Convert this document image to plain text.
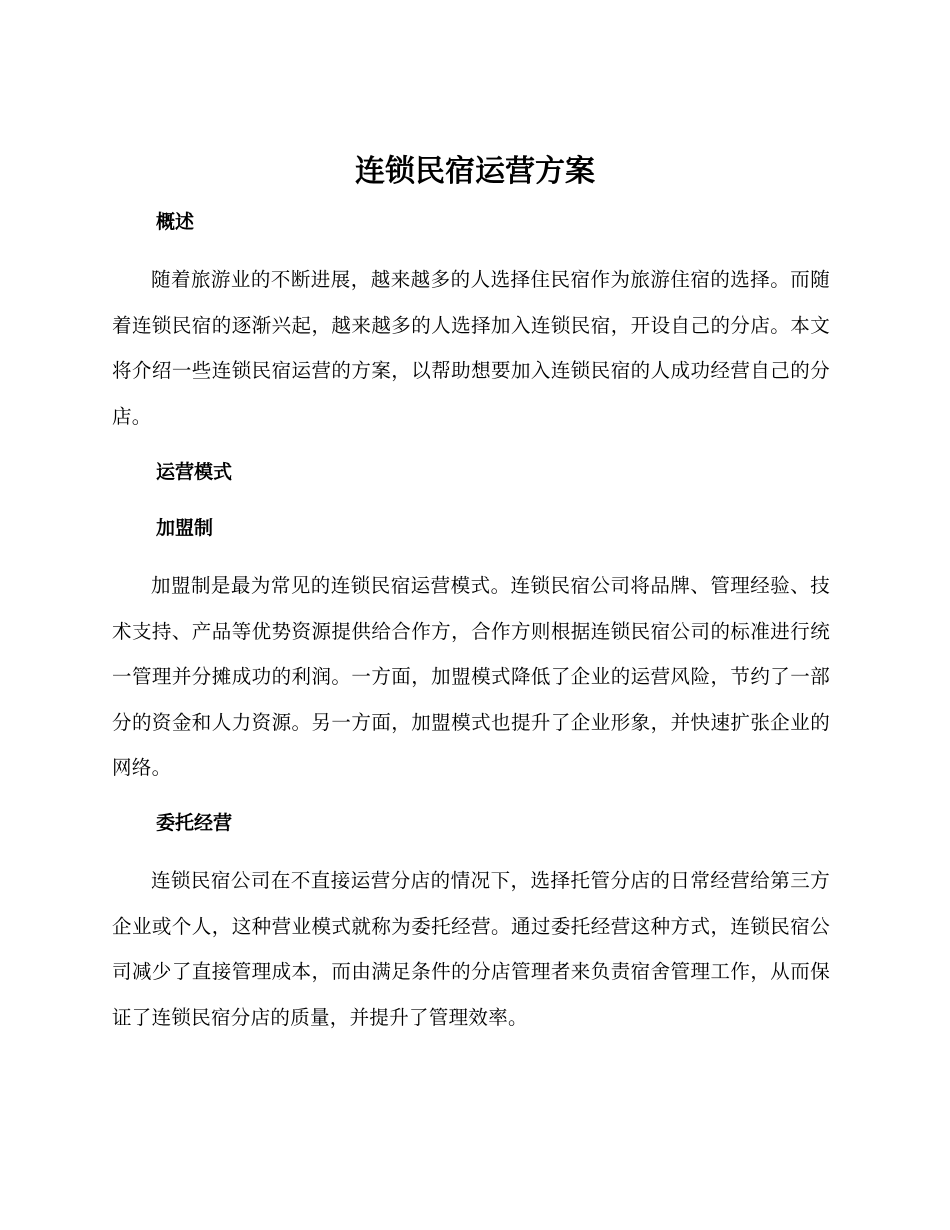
连锁民宿运营方案
概述

随着旅游业的不断进展，越来越多的人选择住民宿作为旅游住宿的选择。而随着连锁民宿的逐渐兴起，越来越多的人选择加入连锁民宿，开设自己的分店。本文将介绍一些连锁民宿运营的方案，以帮助想要加入连锁民宿的人成功经营自己的分店。

运营模式
加盟制

加盟制是最为常见的连锁民宿运营模式。连锁民宿公司将品牌、管理经验、技术支持、产品等优势资源提供给合作方，合作方则根据连锁民宿公司的标准进行统一管理并分摊成功的利润。一方面，加盟模式降低了企业的运营风险，节约了一部分的资金和人力资源。另一方面，加盟模式也提升了企业形象，并快速扩张企业的网络。

委托经营

连锁民宿公司在不直接运营分店的情况下，选择托管分店的日常经营给第三方企业或个人，这种营业模式就称为委托经营。通过委托经营这种方式，连锁民宿公司减少了直接管理成本，而由满足条件的分店管理者来负责宿舍管理工作，从而保证了连锁民宿分店的质量，并提升了管理效率。
